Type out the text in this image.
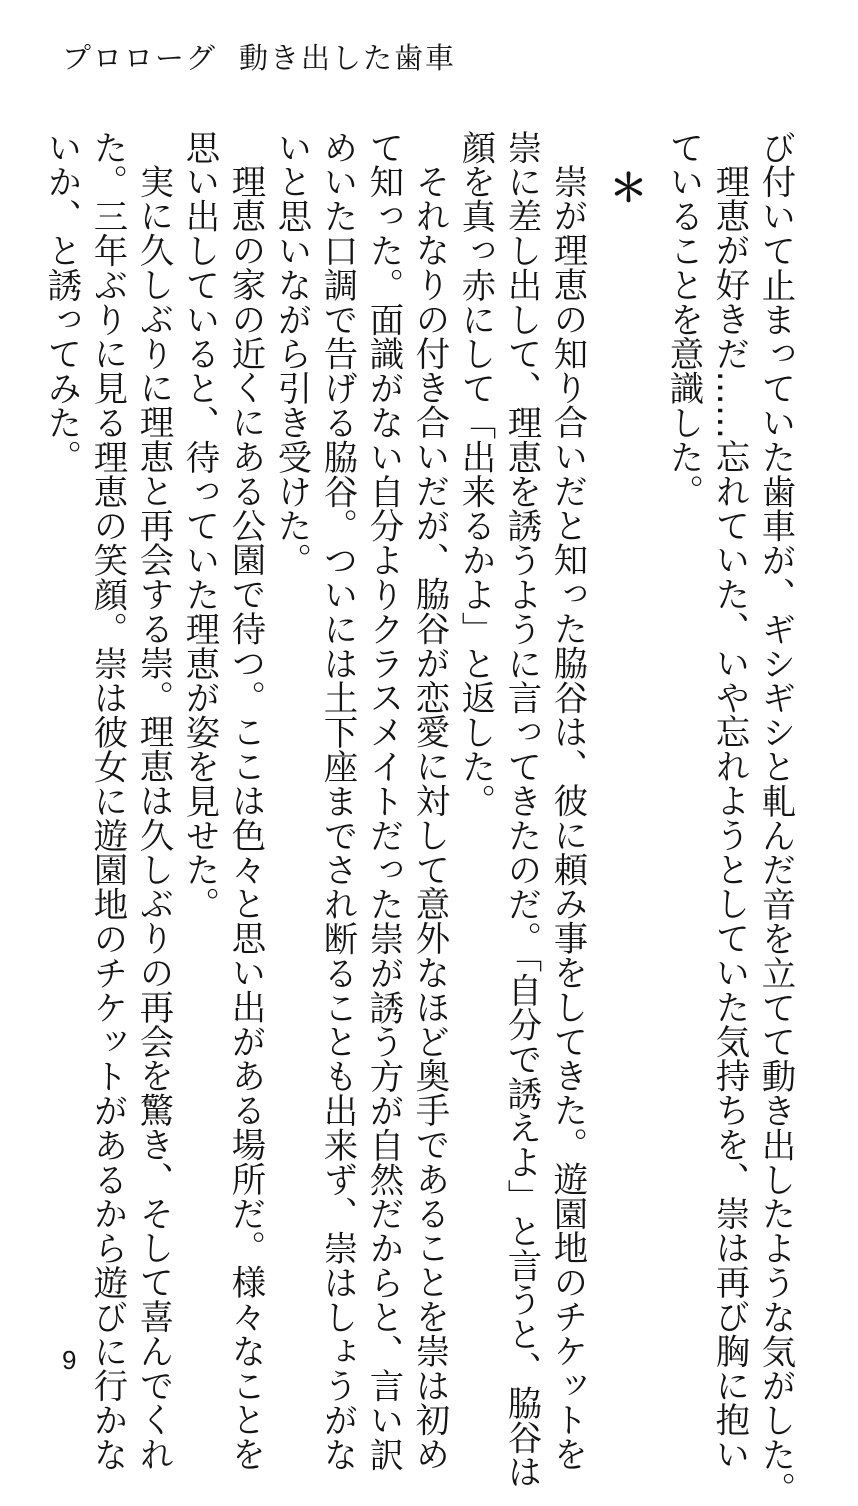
プロローグ 動き出した歯車

び付いて止まっていた歯車が、ギシギシと軋んだ音を立てて動き出したような気がした。

理恵が好きだ……忘れていた、いや忘れようとしていた気持ちを、崇は再び胸に抱い

ていることを意識した。

＊

崇が理恵の知り合いだと知った脇谷は、彼に頼み事をしてきた。遊園地のチケットを

崇に差し出して、理恵を誘うように言ってきたのだ。「自分で誘えよ」と言うと、脇谷は

顔を真っ赤にして「出来るかよ」と返した。

それなりの付き合いだが、脇谷が恋愛に対して意外なほど奥手であることを崇は初め

て知った。面識がない自分よりクラスメイトだった崇が誘う方が自然だからと、言い訳

めいた口調で告げる脇谷。ついには土下座までされ断ることも出来ず、崇はしょうがな

いと思いながら引き受けた。

理恵の家の近くにある公園で待つ。ここは色々と思い出がある場所だ。様々なことを

思い出していると、待っていた理恵が姿を見せた。

実に久しぶりに理恵と再会する崇。理恵は久しぶりの再会を驚き、そして喜んでくれ

た。三年ぶりに見る理恵の笑顔。崇は彼女に遊園地のチケットがあるから遊びに行かな

いか、と誘ってみた。

9
